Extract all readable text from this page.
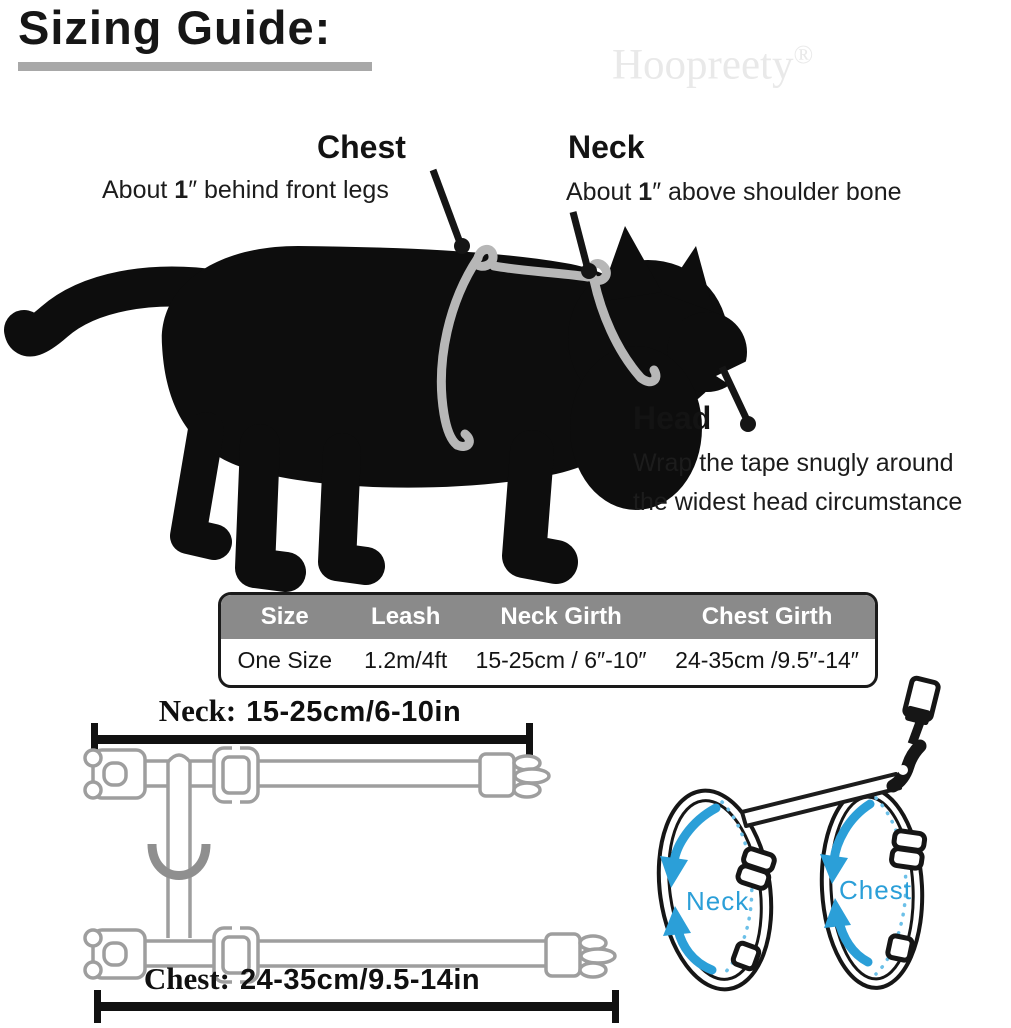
Sizing Guide:
Hoopreety®
Chest
About 1″ behind front legs
Neck
About 1″ above shoulder bone
Head
Wrap the tape snugly around
the widest head circumstance
Size	Leash	Neck Girth	Chest Girth
One Size	1.2m/4ft	15-25cm / 6″-10″	24-35cm /9.5″-14″
Neck: 15-25cm/6-10in
Chest: 24-35cm/9.5-14in
Neck	Chest
